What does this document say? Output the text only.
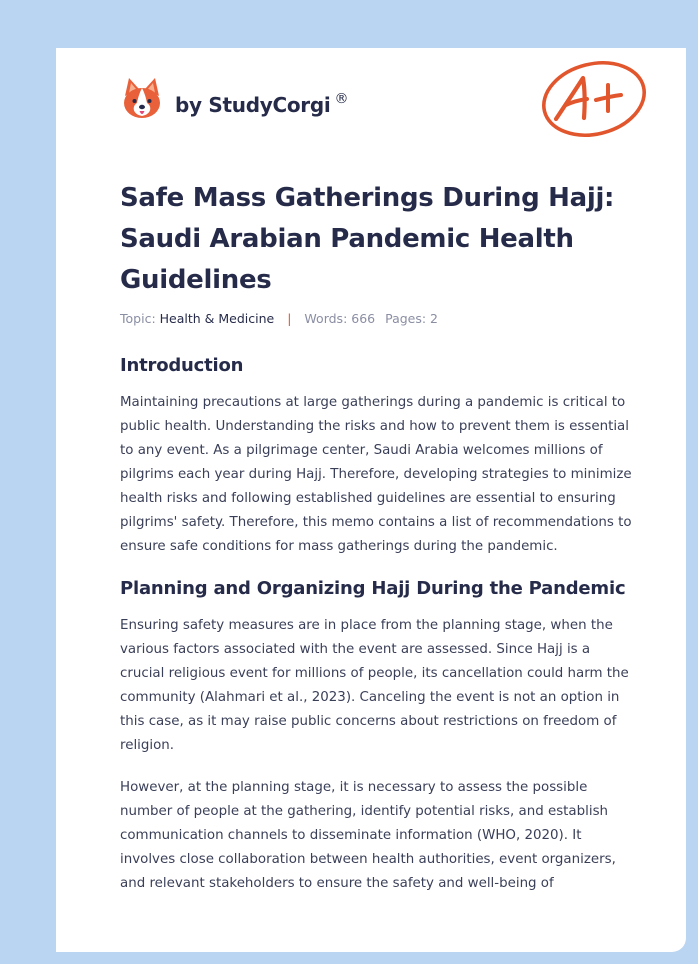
by StudyCorgi ®
Safe Mass Gatherings During Hajj: Saudi Arabian Pandemic Health Guidelines
Topic: Health & Medicine | Words: 666 Pages: 2
Introduction

Maintaining precautions at large gatherings during a pandemic is critical to public health. Understanding the risks and how to prevent them is essential to any event. As a pilgrimage center, Saudi Arabia welcomes millions of pilgrims each year during Hajj. Therefore, developing strategies to minimize health risks and following established guidelines are essential to ensuring pilgrims' safety. Therefore, this memo contains a list of recommendations to ensure safe conditions for mass gatherings during the pandemic.

Planning and Organizing Hajj During the Pandemic

Ensuring safety measures are in place from the planning stage, when the various factors associated with the event are assessed. Since Hajj is a crucial religious event for millions of people, its cancellation could harm the community (Alahmari et al., 2023). Canceling the event is not an option in this case, as it may raise public concerns about restrictions on freedom of religion.

However, at the planning stage, it is necessary to assess the possible number of people at the gathering, identify potential risks, and establish communication channels to disseminate information (WHO, 2020). It involves close collaboration between health authorities, event organizers, and relevant stakeholders to ensure the safety and well-being of
